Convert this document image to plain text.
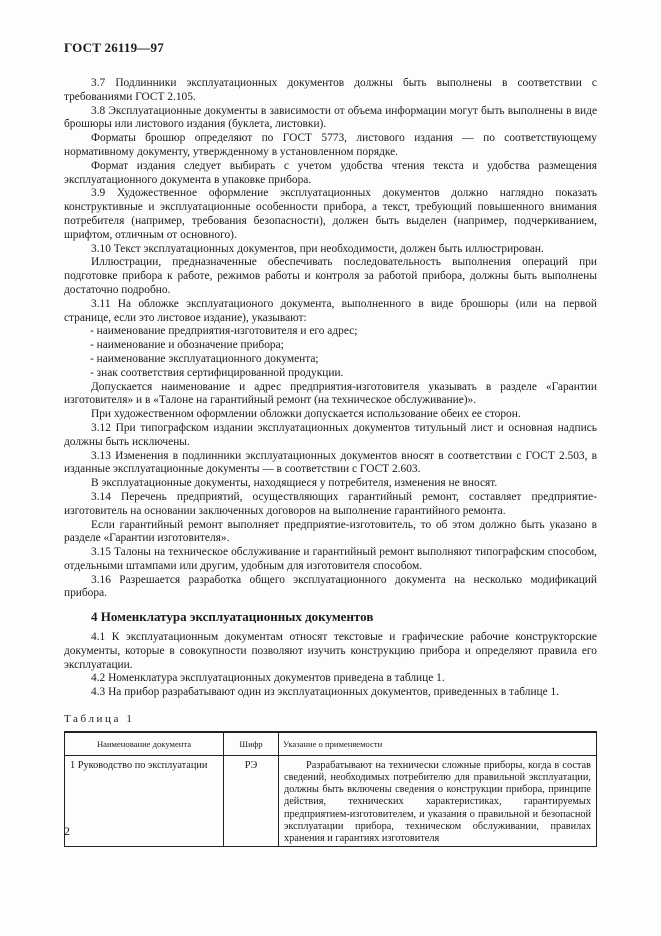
ГОСТ 26119—97

3.7 Подлинники эксплуатационных документов должны быть выполнены в соответствии с требованиями ГОСТ 2.105.

3.8 Эксплуатационные документы в зависимости от объема информации могут быть выполнены в виде брошюры или листового издания (буклета, листовки).

Форматы брошюр определяют по ГОСТ 5773, листового издания — по соответствующему нормативному документу, утвержденному в установленном порядке.

Формат издания следует выбирать с учетом удобства чтения текста и удобства размещения эксплуатационного документа в упаковке прибора.

3.9 Художественное оформление эксплуатационных документов должно наглядно показать конструктивные и эксплуатационные особенности прибора, а текст, требующий повышенного внимания потребителя (например, требования безопасности), должен быть выделен (например, подчеркиванием, шрифтом, отличным от основного).

3.10 Текст эксплуатационных документов, при необходимости, должен быть иллюстрирован.

Иллюстрации, предназначенные обеспечивать последовательность выполнения операций при подготовке прибора к работе, режимов работы и контроля за работой прибора, должны быть выполнены достаточно подробно.

3.11 На обложке эксплуатационого документа, выполненного в виде брошюры (или на первой странице, если это листовое издание), указывают:

- наименование предприятия-изготовителя и его адрес;

- наименование и обозначение прибора;

- наименование эксплуатационного документа;

- знак соответствия сертифицированной продукции.

Допускается наименование и адрес предприятия-изготовителя указывать в разделе «Гарантии изготовителя» и в «Талоне на гарантийный ремонт (на техническое обслуживание)».

При художественном оформлении обложки допускается использование обеих ее сторон.

3.12 При типографском издании эксплуатационных документов титульный лист и основная надпись должны быть исключены.

3.13 Изменения в подлинники эксплуатационных документов вносят в соответствии с ГОСТ 2.503, в изданные эксплуатационные документы — в соответствии с ГОСТ 2.603.

В эксплуатационные документы, находящиеся у потребителя, изменения не вносят.

3.14 Перечень предприятий, осуществляющих гарантийный ремонт, составляет предприятие-изготовитель на основании заключенных договоров на выполнение гарантийного ремонта.

Если гарантийный ремонт выполняет предприятие-изготовитель, то об этом должно быть указано в разделе «Гарантии изготовителя».

3.15 Талоны на техническое обслуживание и гарантийный ремонт выполняют типографским способом, отдельными штампами или другим, удобным для изготовителя способом.

3.16 Разрешается разработка общего эксплуатационного документа на несколько модификаций прибора.

4 Номенклатура эксплуатационных документов

4.1 К эксплуатационным документам относят текстовые и графические рабочие конструкторские документы, которые в совокупности позволяют изучить конструкцию прибора и определяют правила его эксплуатации.

4.2 Номенклатура эксплуатационных документов приведена в таблице 1.

4.3 На прибор разрабатывают один из эксплуатационных документов, приведенных в таблице 1.

Таблица 1
Наименование документа	Шифр	Указание о применяемости
1 Руководство по эксплуатации	РЭ	Разрабатывают на технически сложные приборы, когда в состав сведений, необходимых потребителю для правильной эксплуатации, должны быть включены сведения о конструкции прибора, принципе действия, технических характеристиках, гарантируемых предприятием-изготовителем, и указания о правильной и безопасной эксплуатации прибора, техническом обслуживании, правилах хранения и гарантиях изготовителя
2
